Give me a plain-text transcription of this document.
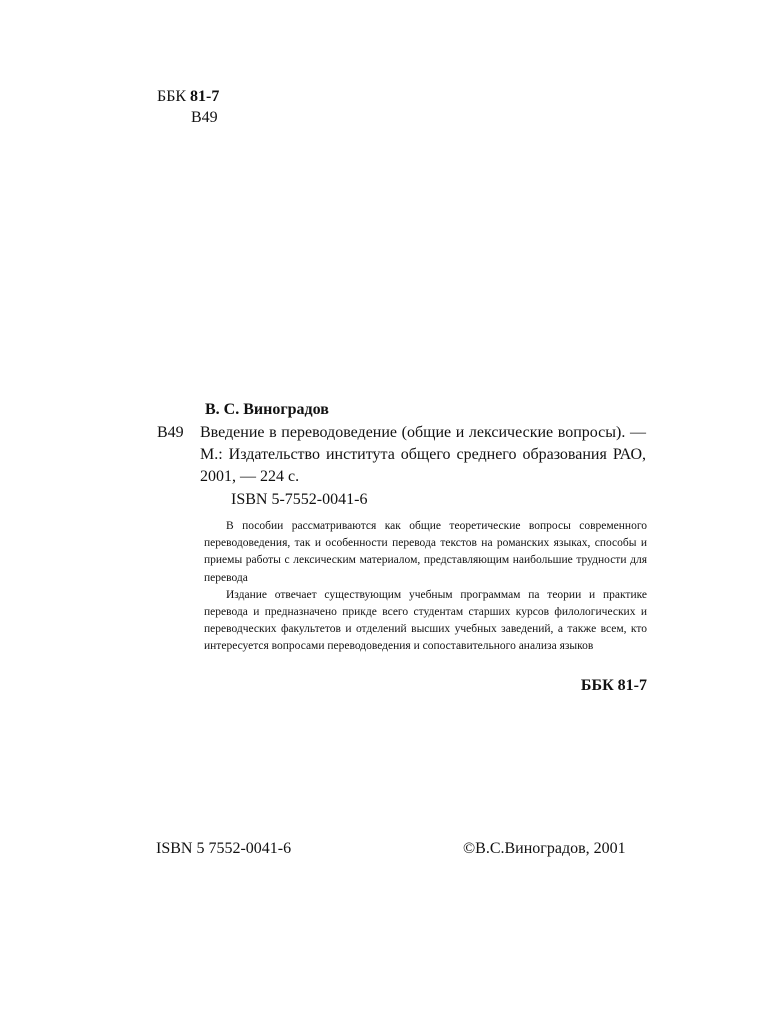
ББК 81-7
В49
В. С. Виноградов
В49 Введение в переводоведение (общие и лексические вопросы). — М.: Издательство института общего среднего образования РАО, 2001, — 224 с.
ISBN 5-7552-0041-6

В пособии рассматриваются как общие теоретические вопросы современного переводоведения, так и особенности перевода текстов на романских языках, способы и приемы работы с лексическим материалом, представляющим наибольшие трудности для перевода

Издание отвечает существующим учебным программам па теории и практике перевода и предназначено прикде всего студентам старших курсов филологических и переводческих факультетов и отделений высших учебных заведений, а также всем, кто интересуется вопросами переводоведения и сопоставительного анализа языков

ББК 81-7
ISBN 5 7552-0041-6	©В.С.Виноградов, 2001
